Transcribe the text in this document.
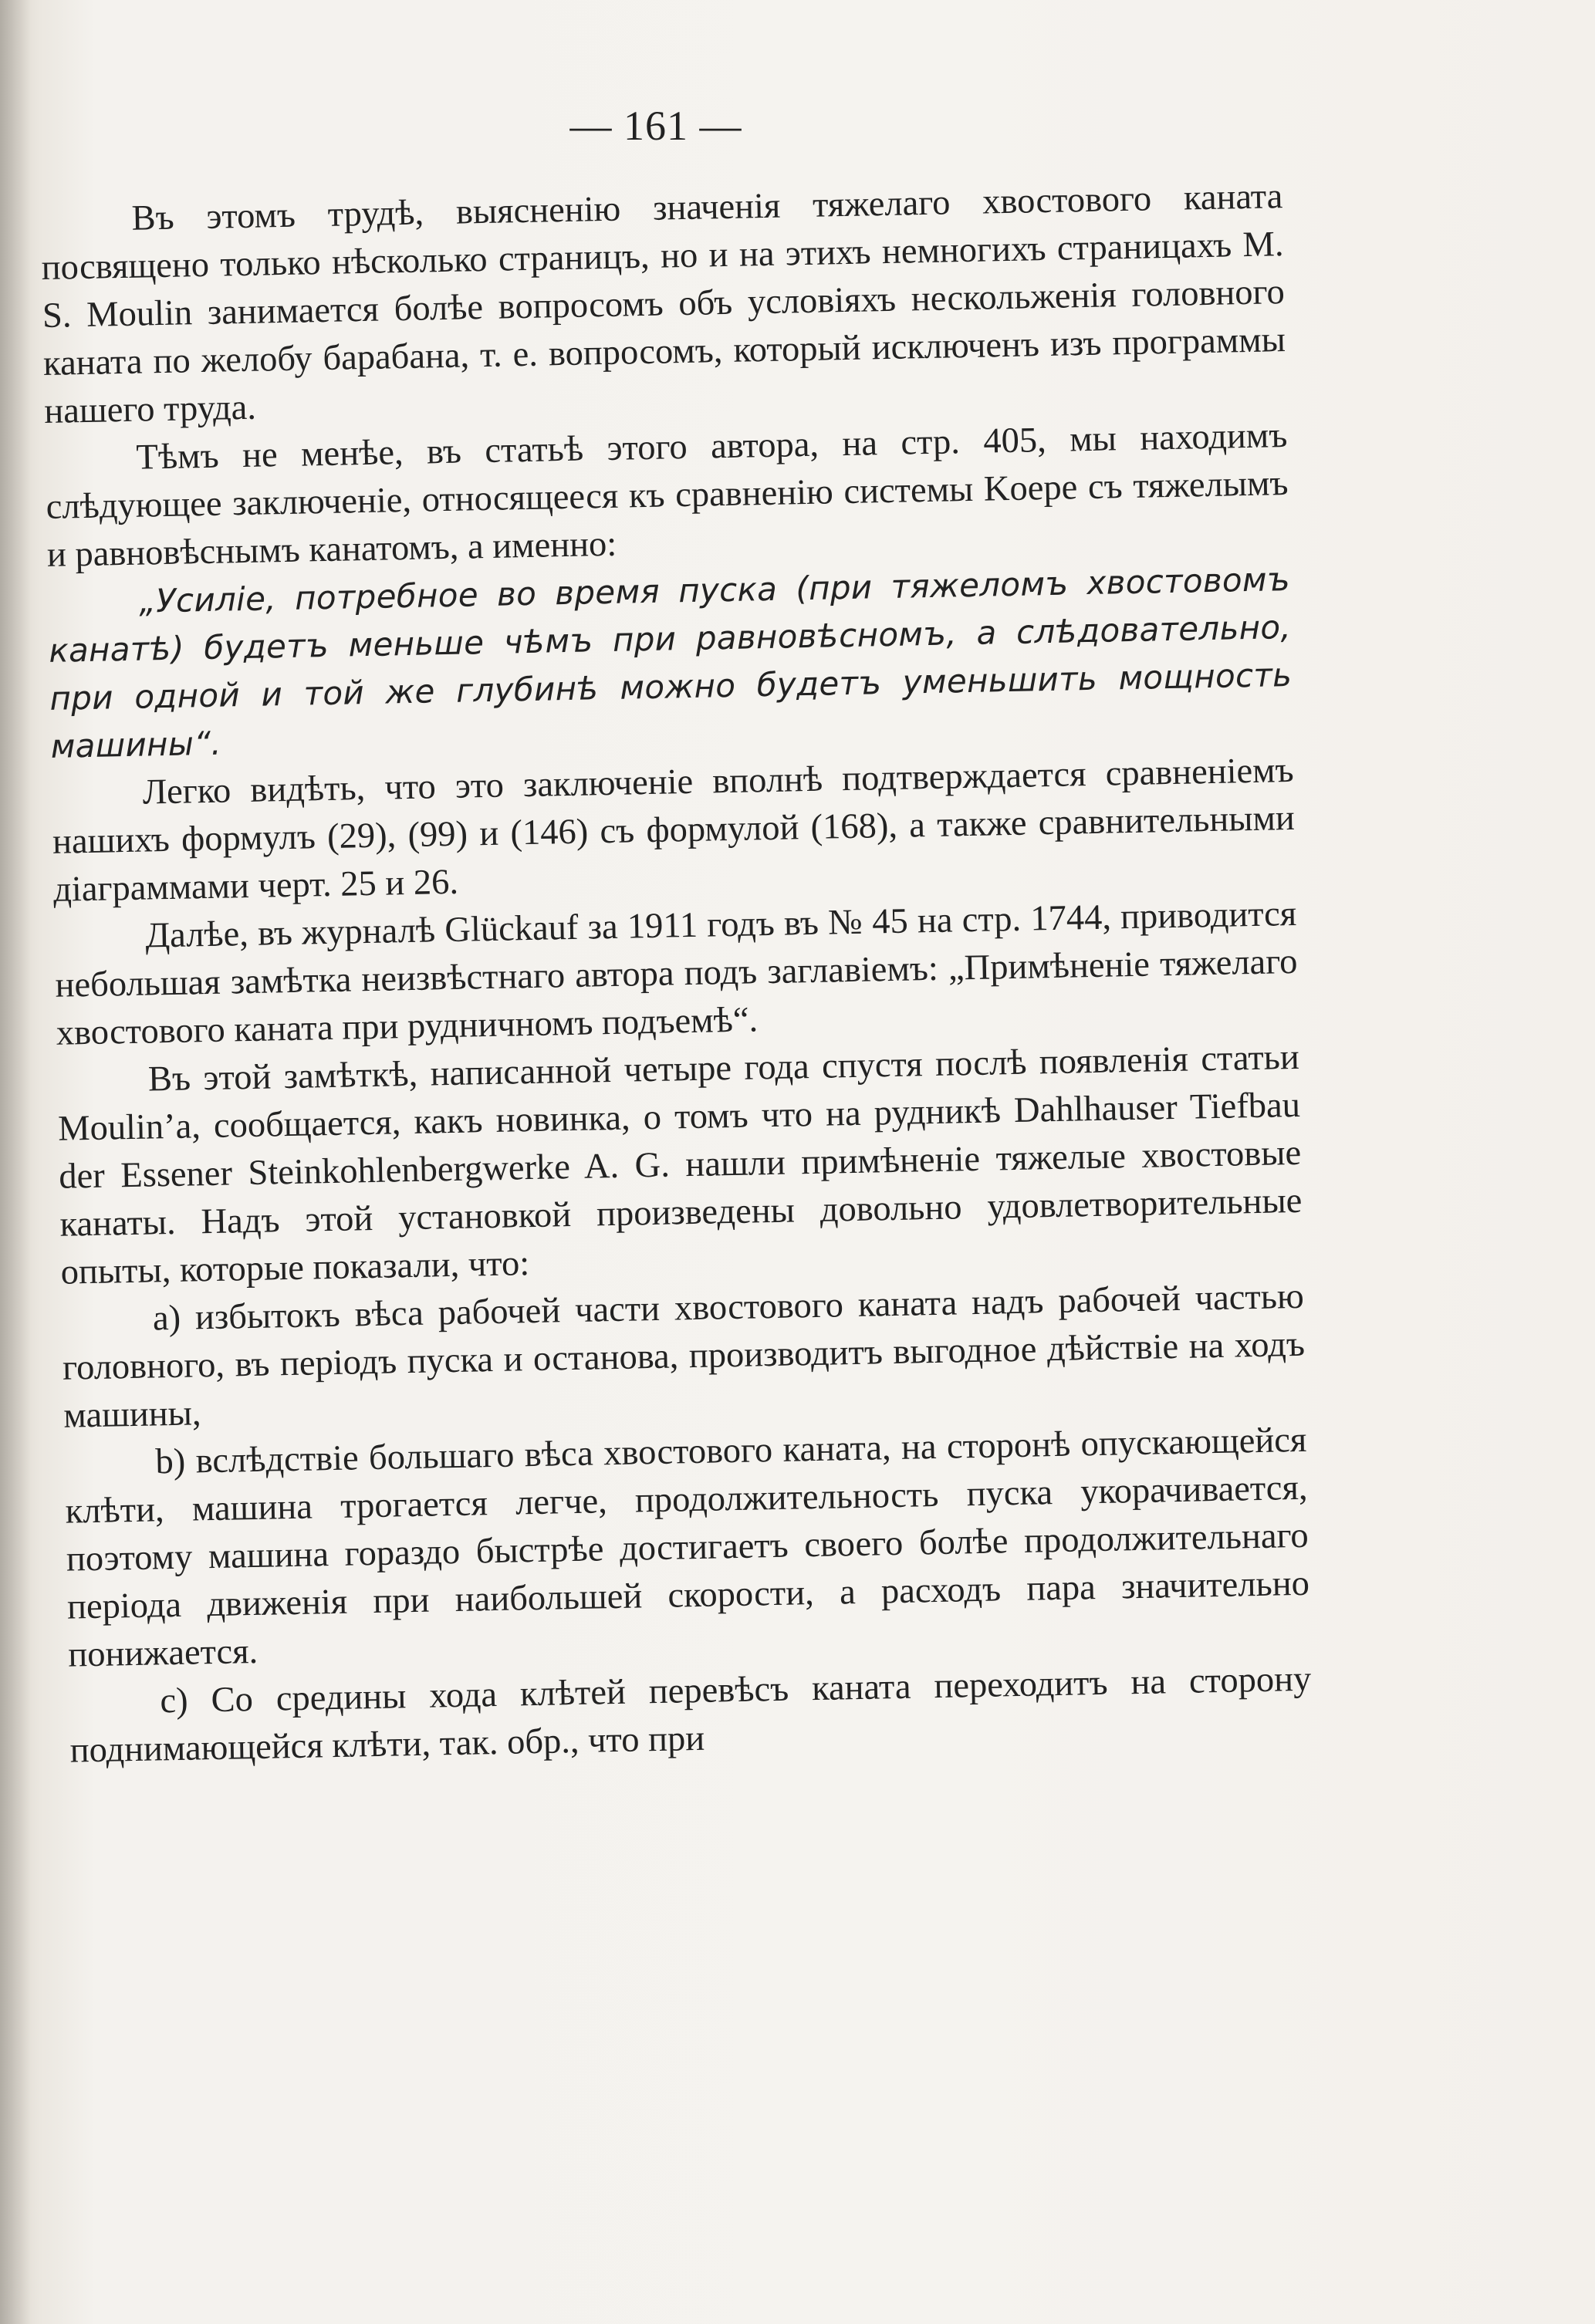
— 161 —

Въ этомъ трудѣ, выясненію значенія тяжелаго хвостового каната посвящено только нѣсколько страницъ, но и на этихъ немногихъ страницахъ M. S. Moulin занимается болѣе вопросомъ объ условіяхъ нескольженія головного каната по желобу барабана, т. е. вопросомъ, который исключенъ изъ программы нашего труда.

Тѣмъ не менѣе, въ статьѣ этого автора, на стр. 405, мы находимъ слѣдующее заключеніе, относящееся къ сравненію системы Koepe съ тяжелымъ и равновѣснымъ канатомъ, а именно:

„Усиліе, потребное во время пуска (при тяжеломъ хвостовомъ канатѣ) будетъ меньше чѣмъ при равновѣсномъ, а слѣдовательно, при одной и той же глубинѣ можно будетъ уменьшить мощность машины“.

Легко видѣть, что это заключеніе вполнѣ подтверждается сравненіемъ нашихъ формулъ (29), (99) и (146) съ формулой (168), а также сравнительными діаграммами черт. 25 и 26.

Далѣе, въ журналѣ Glückauf за 1911 годъ въ № 45 на стр. 1744, приводится небольшая замѣтка неизвѣстнаго автора подъ заглавіемъ: „Примѣненіе тяжелаго хвостового каната при рудничномъ подъемѣ“.

Въ этой замѣткѣ, написанной четыре года спустя послѣ появленія статьи Moulin’a, сообщается, какъ новинка, о томъ что на рудникѣ Dahlhauser Tiefbau der Essener Steinkohlenbergwerke A. G. нашли примѣненіе тяжелые хвостовые канаты. Надъ этой установкой произведены довольно удовлетворительные опыты, которые показали, что:

a) избытокъ вѣса рабочей части хвостового каната надъ рабочей частью головного, въ періодъ пуска и останова, производитъ выгодное дѣйствіе на ходъ машины,

b) вслѣдствіе большаго вѣса хвостового каната, на сторонѣ опускающейся клѣти, машина трогается легче, продолжительность пуска укорачивается, поэтому машина гораздо быстрѣе достигаетъ своего болѣе продолжительнаго періода движенія при наибольшей скорости, а расходъ пара значительно понижается.

c) Со средины хода клѣтей перевѣсъ каната переходитъ на сторону поднимающейся клѣти, так. обр., что при
